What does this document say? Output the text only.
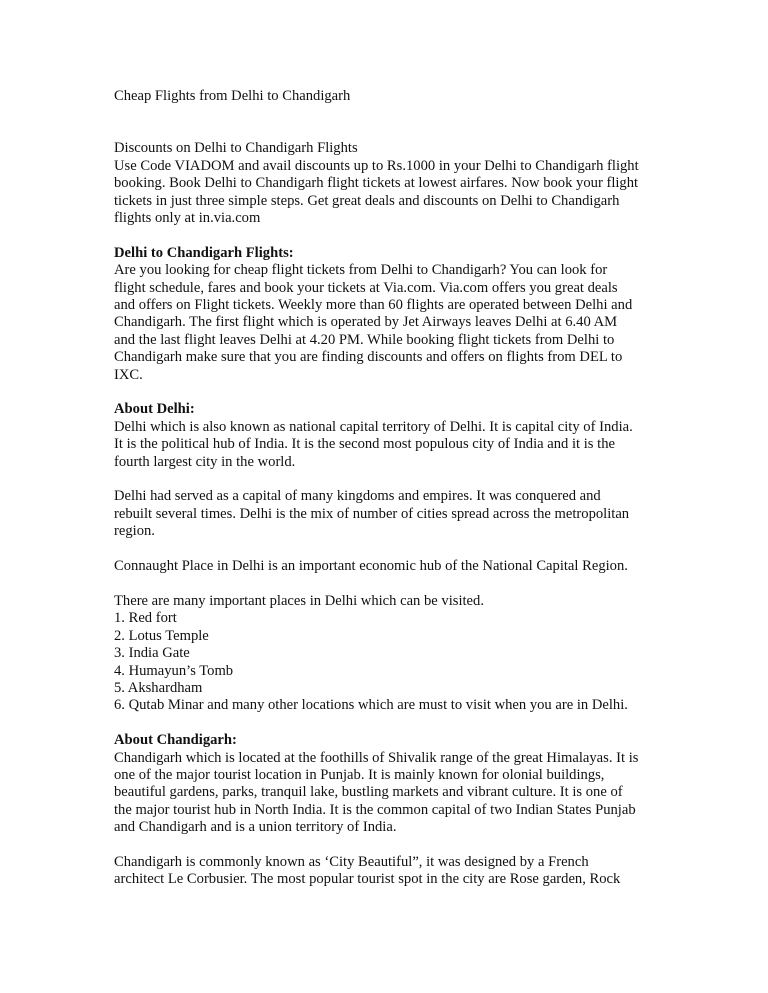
Cheap Flights from Delhi to Chandigarh
Discounts on Delhi to Chandigarh Flights
Use Code VIADOM and avail discounts up to Rs.1000 in your Delhi to Chandigarh flight
booking. Book Delhi to Chandigarh flight tickets at lowest airfares. Now book your flight
tickets in just three simple steps. Get great deals and discounts on Delhi to Chandigarh
flights only at in.via.com
Delhi to Chandigarh Flights:
Are you looking for cheap flight tickets from Delhi to Chandigarh? You can look for
flight schedule, fares and book your tickets at Via.com. Via.com offers you great deals
and offers on Flight tickets. Weekly more than 60 flights are operated between Delhi and
Chandigarh. The first flight which is operated by Jet Airways leaves Delhi at 6.40 AM
and the last flight leaves Delhi at 4.20 PM. While booking flight tickets from Delhi to
Chandigarh make sure that you are finding discounts and offers on flights from DEL to
IXC.
About Delhi:
Delhi which is also known as national capital territory of Delhi. It is capital city of India.
It is the political hub of India. It is the second most populous city of India and it is the
fourth largest city in the world.
Delhi had served as a capital of many kingdoms and empires. It was conquered and
rebuilt several times. Delhi is the mix of number of cities spread across the metropolitan
region.
Connaught Place in Delhi is an important economic hub of the National Capital Region.
There are many important places in Delhi which can be visited.
1. Red fort
2. Lotus Temple
3. India Gate
4. Humayun’s Tomb
5. Akshardham
6. Qutab Minar and many other locations which are must to visit when you are in Delhi.
About Chandigarh:
Chandigarh which is located at the foothills of Shivalik range of the great Himalayas. It is
one of the major tourist location in Punjab. It is mainly known for olonial buildings,
beautiful gardens, parks, tranquil lake, bustling markets and vibrant culture. It is one of
the major tourist hub in North India. It is the common capital of two Indian States Punjab
and Chandigarh and is a union territory of India.
Chandigarh is commonly known as ‘City Beautiful”, it was designed by a French
architect Le Corbusier. The most popular tourist spot in the city are Rose garden, Rock
